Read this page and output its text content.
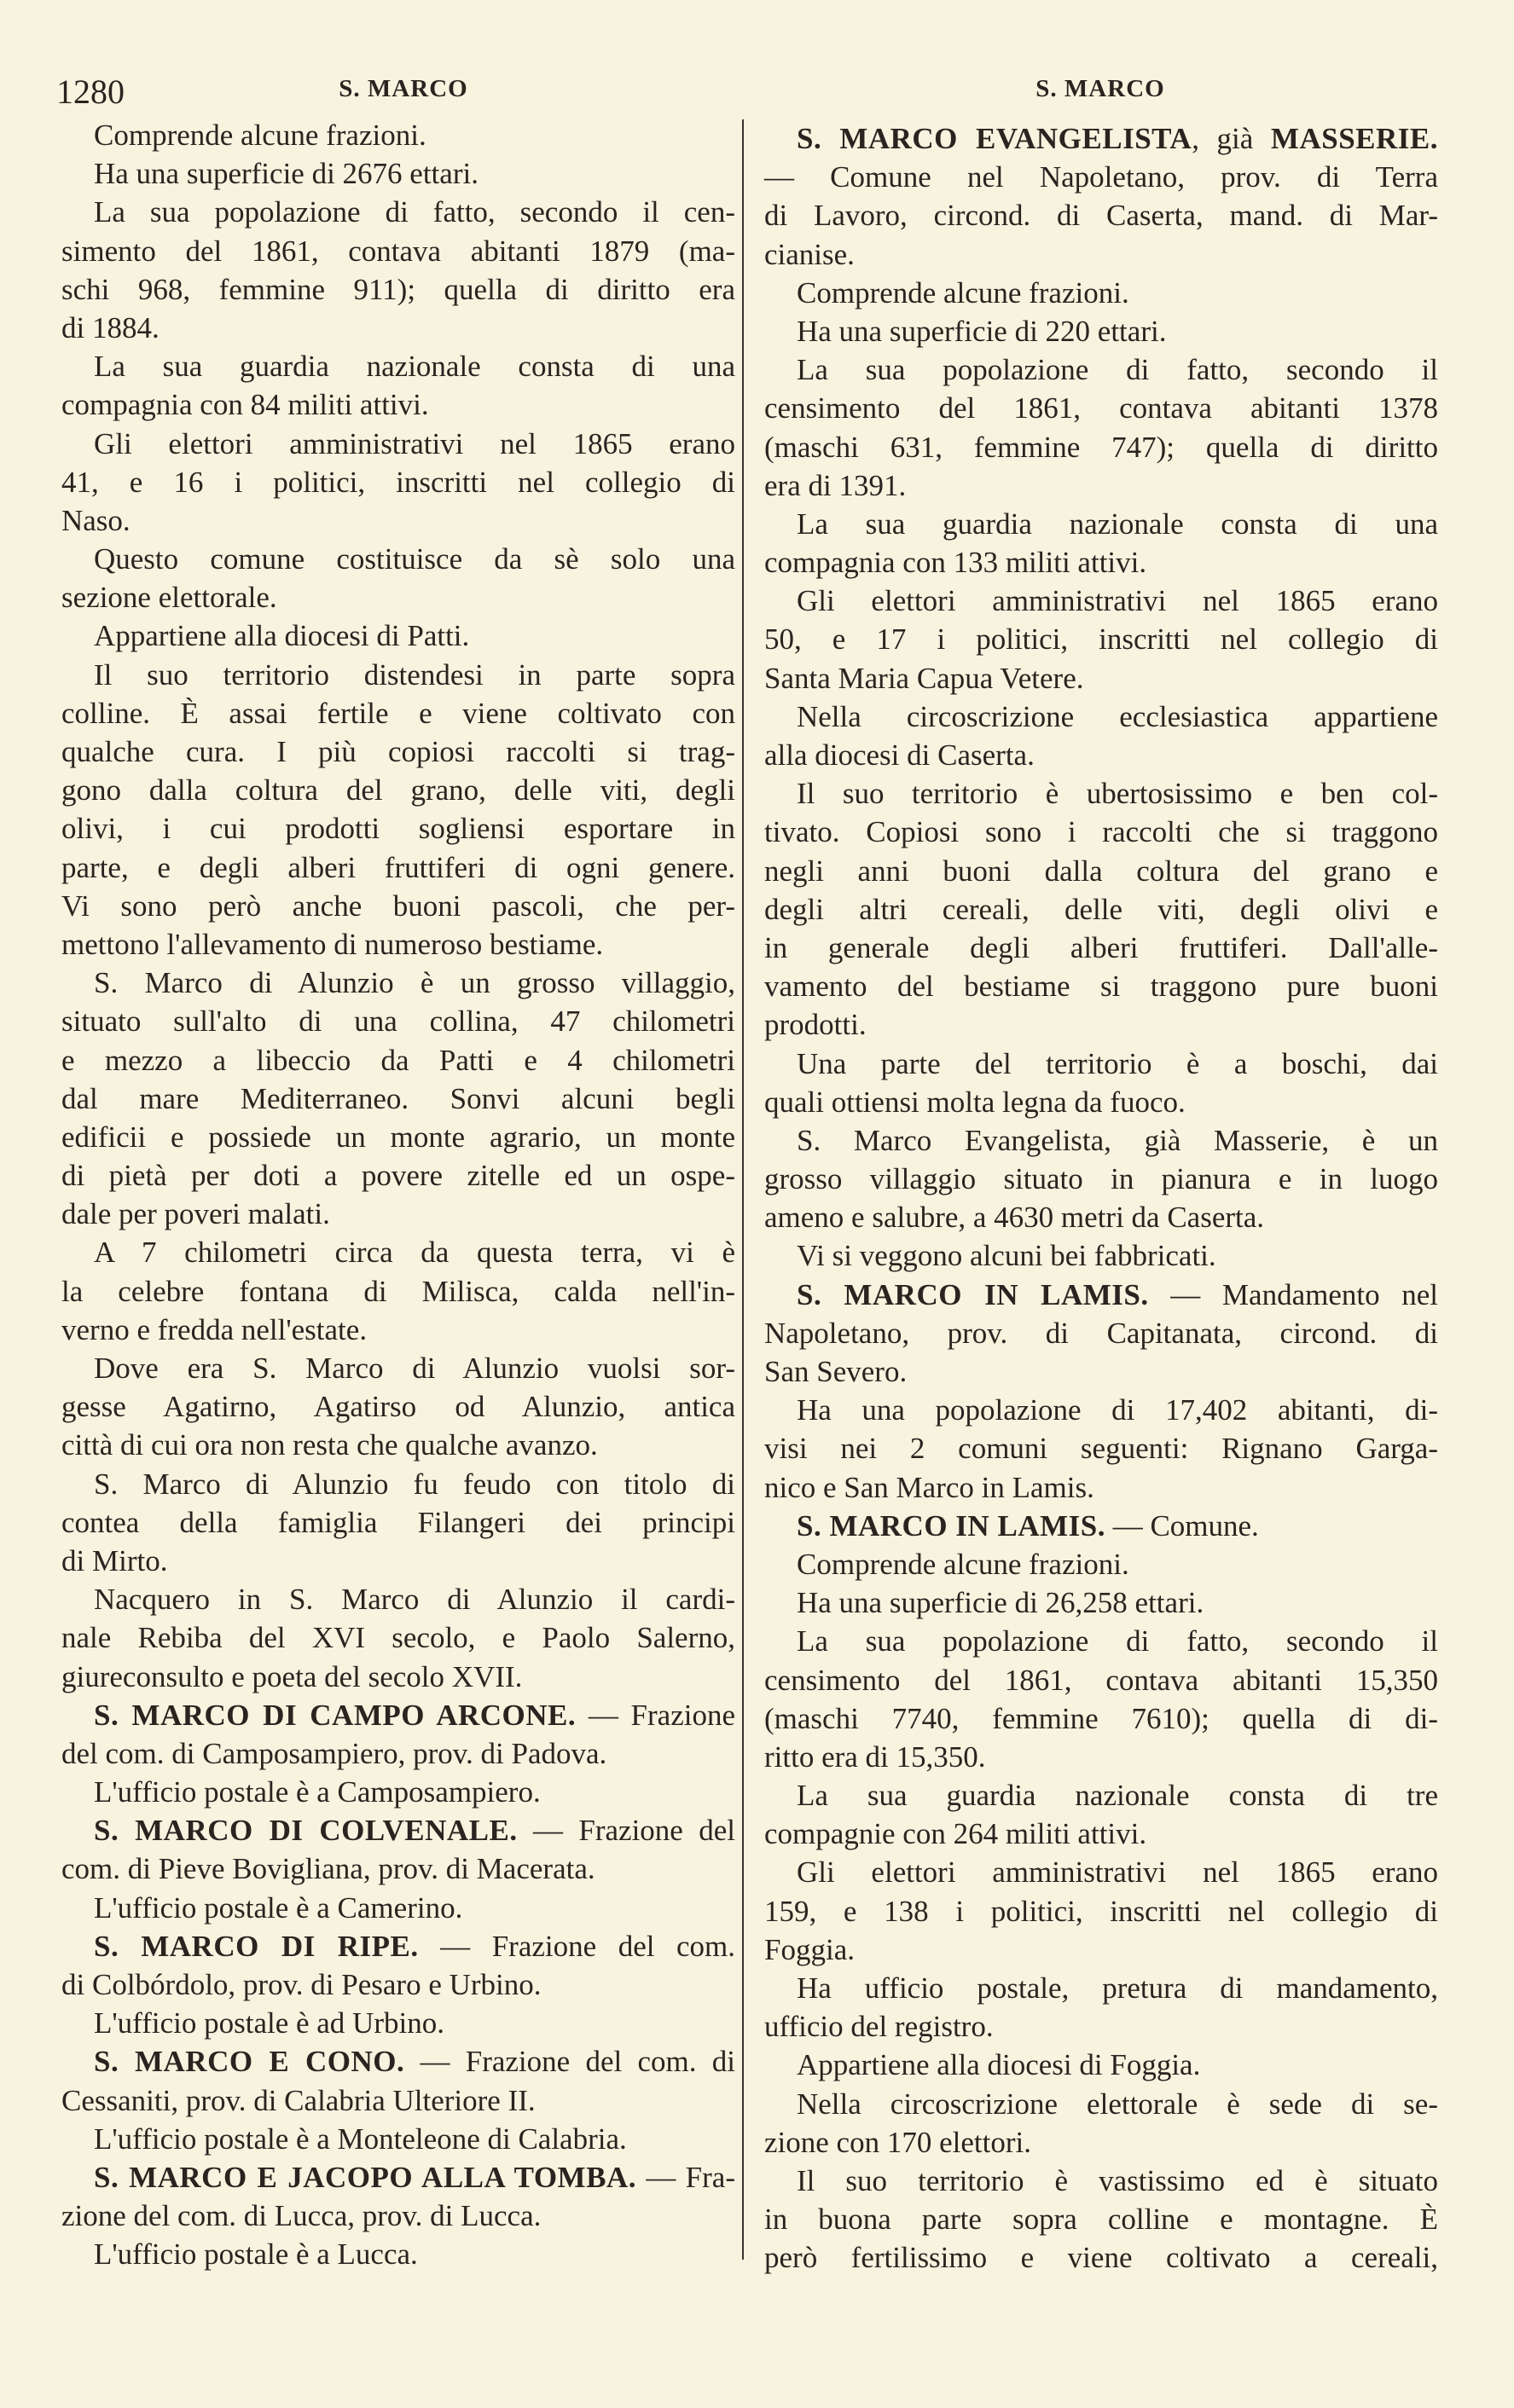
1280	S. MARCO	S. MARCO
Comprende alcune frazioni.
Ha una superficie di 2676 ettari.
La sua popolazione di fatto, secondo il cen-
simento del 1861, contava abitanti 1879 (ma-
schi 968, femmine 911); quella di diritto era
di 1884.
La sua guardia nazionale consta di una
compagnia con 84 militi attivi.
Gli elettori amministrativi nel 1865 erano
41, e 16 i politici, inscritti nel collegio di
Naso.
Questo comune costituisce da sè solo una
sezione elettorale.
Appartiene alla diocesi di Patti.
Il suo territorio distendesi in parte sopra
colline. È assai fertile e viene coltivato con
qualche cura. I più copiosi raccolti si trag-
gono dalla coltura del grano, delle viti, degli
olivi, i cui prodotti sogliensi esportare in
parte, e degli alberi fruttiferi di ogni genere.
Vi sono però anche buoni pascoli, che per-
mettono l'allevamento di numeroso bestiame.
S. Marco di Alunzio è un grosso villaggio,
situato sull'alto di una collina, 47 chilometri
e mezzo a libeccio da Patti e 4 chilometri
dal mare Mediterraneo. Sonvi alcuni begli
edificii e possiede un monte agrario, un monte
di pietà per doti a povere zitelle ed un ospe-
dale per poveri malati.
A 7 chilometri circa da questa terra, vi è
la celebre fontana di Milisca, calda nell'in-
verno e fredda nell'estate.
Dove era S. Marco di Alunzio vuolsi sor-
gesse Agatirno, Agatirso od Alunzio, antica
città di cui ora non resta che qualche avanzo.
S. Marco di Alunzio fu feudo con titolo di
contea della famiglia Filangeri dei principi
di Mirto.
Nacquero in S. Marco di Alunzio il cardi-
nale Rebiba del XVI secolo, e Paolo Salerno,
giureconsulto e poeta del secolo XVII.
S. MARCO DI CAMPO ARCONE. — Frazione
del com. di Camposampiero, prov. di Padova.
L'ufficio postale è a Camposampiero.
S. MARCO DI COLVENALE. — Frazione del
com. di Pieve Bovigliana, prov. di Macerata.
L'ufficio postale è a Camerino.
S. MARCO DI RIPE. — Frazione del com.
di Colbórdolo, prov. di Pesaro e Urbino.
L'ufficio postale è ad Urbino.
S. MARCO E CONO. — Frazione del com. di
Cessaniti, prov. di Calabria Ulteriore II.
L'ufficio postale è a Monteleone di Calabria.
S. MARCO E JACOPO ALLA TOMBA. — Fra-
zione del com. di Lucca, prov. di Lucca.
L'ufficio postale è a Lucca.
S. MARCO EVANGELISTA, già MASSERIE.
— Comune nel Napoletano, prov. di Terra
di Lavoro, circond. di Caserta, mand. di Mar-
cianise.
Comprende alcune frazioni.
Ha una superficie di 220 ettari.
La sua popolazione di fatto, secondo il
censimento del 1861, contava abitanti 1378
(maschi 631, femmine 747); quella di diritto
era di 1391.
La sua guardia nazionale consta di una
compagnia con 133 militi attivi.
Gli elettori amministrativi nel 1865 erano
50, e 17 i politici, inscritti nel collegio di
Santa Maria Capua Vetere.
Nella circoscrizione ecclesiastica appartiene
alla diocesi di Caserta.
Il suo territorio è ubertosissimo e ben col-
tivato. Copiosi sono i raccolti che si traggono
negli anni buoni dalla coltura del grano e
degli altri cereali, delle viti, degli olivi e
in generale degli alberi fruttiferi. Dall'alle-
vamento del bestiame si traggono pure buoni
prodotti.
Una parte del territorio è a boschi, dai
quali ottiensi molta legna da fuoco.
S. Marco Evangelista, già Masserie, è un
grosso villaggio situato in pianura e in luogo
ameno e salubre, a 4630 metri da Caserta.
Vi si veggono alcuni bei fabbricati.
S. MARCO IN LAMIS. — Mandamento nel
Napoletano, prov. di Capitanata, circond. di
San Severo.
Ha una popolazione di 17,402 abitanti, di-
visi nei 2 comuni seguenti: Rignano Garga-
nico e San Marco in Lamis.
S. MARCO IN LAMIS. — Comune.
Comprende alcune frazioni.
Ha una superficie di 26,258 ettari.
La sua popolazione di fatto, secondo il
censimento del 1861, contava abitanti 15,350
(maschi 7740, femmine 7610); quella di di-
ritto era di 15,350.
La sua guardia nazionale consta di tre
compagnie con 264 militi attivi.
Gli elettori amministrativi nel 1865 erano
159, e 138 i politici, inscritti nel collegio di
Foggia.
Ha ufficio postale, pretura di mandamento,
ufficio del registro.
Appartiene alla diocesi di Foggia.
Nella circoscrizione elettorale è sede di se-
zione con 170 elettori.
Il suo territorio è vastissimo ed è situato
in buona parte sopra colline e montagne. È
però fertilissimo e viene coltivato a cereali,
